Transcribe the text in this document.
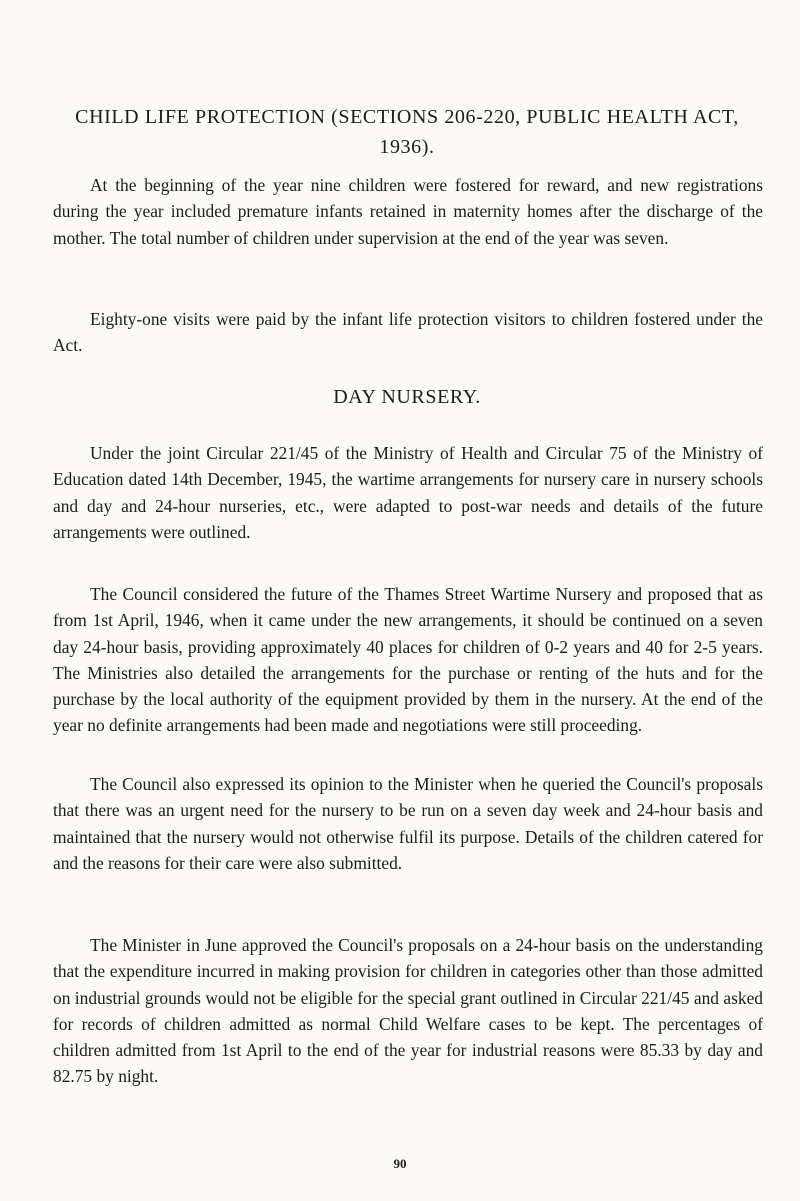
CHILD LIFE PROTECTION (SECTIONS 206-220, PUBLIC HEALTH ACT, 1936).

At the beginning of the year nine children were fostered for reward, and new registrations during the year included premature infants retained in maternity homes after the discharge of the mother. The total number of children under supervision at the end of the year was seven.

Eighty-one visits were paid by the infant life protection visitors to children fostered under the Act.

DAY NURSERY.

Under the joint Circular 221/45 of the Ministry of Health and Circular 75 of the Ministry of Education dated 14th December, 1945, the wartime arrangements for nursery care in nursery schools and day and 24-hour nurseries, etc., were adapted to post-war needs and details of the future arrangements were outlined.

The Council considered the future of the Thames Street Wartime Nursery and proposed that as from 1st April, 1946, when it came under the new arrangements, it should be continued on a seven day 24-hour basis, providing approximately 40 places for children of 0-2 years and 40 for 2-5 years. The Ministries also detailed the arrangements for the purchase or renting of the huts and for the purchase by the local authority of the equipment provided by them in the nursery. At the end of the year no definite arrangements had been made and negotiations were still proceeding.

The Council also expressed its opinion to the Minister when he queried the Council's proposals that there was an urgent need for the nursery to be run on a seven day week and 24-hour basis and maintained that the nursery would not otherwise fulfil its purpose. Details of the children catered for and the reasons for their care were also submitted.

The Minister in June approved the Council's proposals on a 24-hour basis on the understanding that the expenditure incurred in making provision for children in categories other than those admitted on industrial grounds would not be eligible for the special grant outlined in Circular 221/45 and asked for records of children admitted as normal Child Welfare cases to be kept. The percentages of children admitted from 1st April to the end of the year for industrial reasons were 85.33 by day and 82.75 by night.

90
